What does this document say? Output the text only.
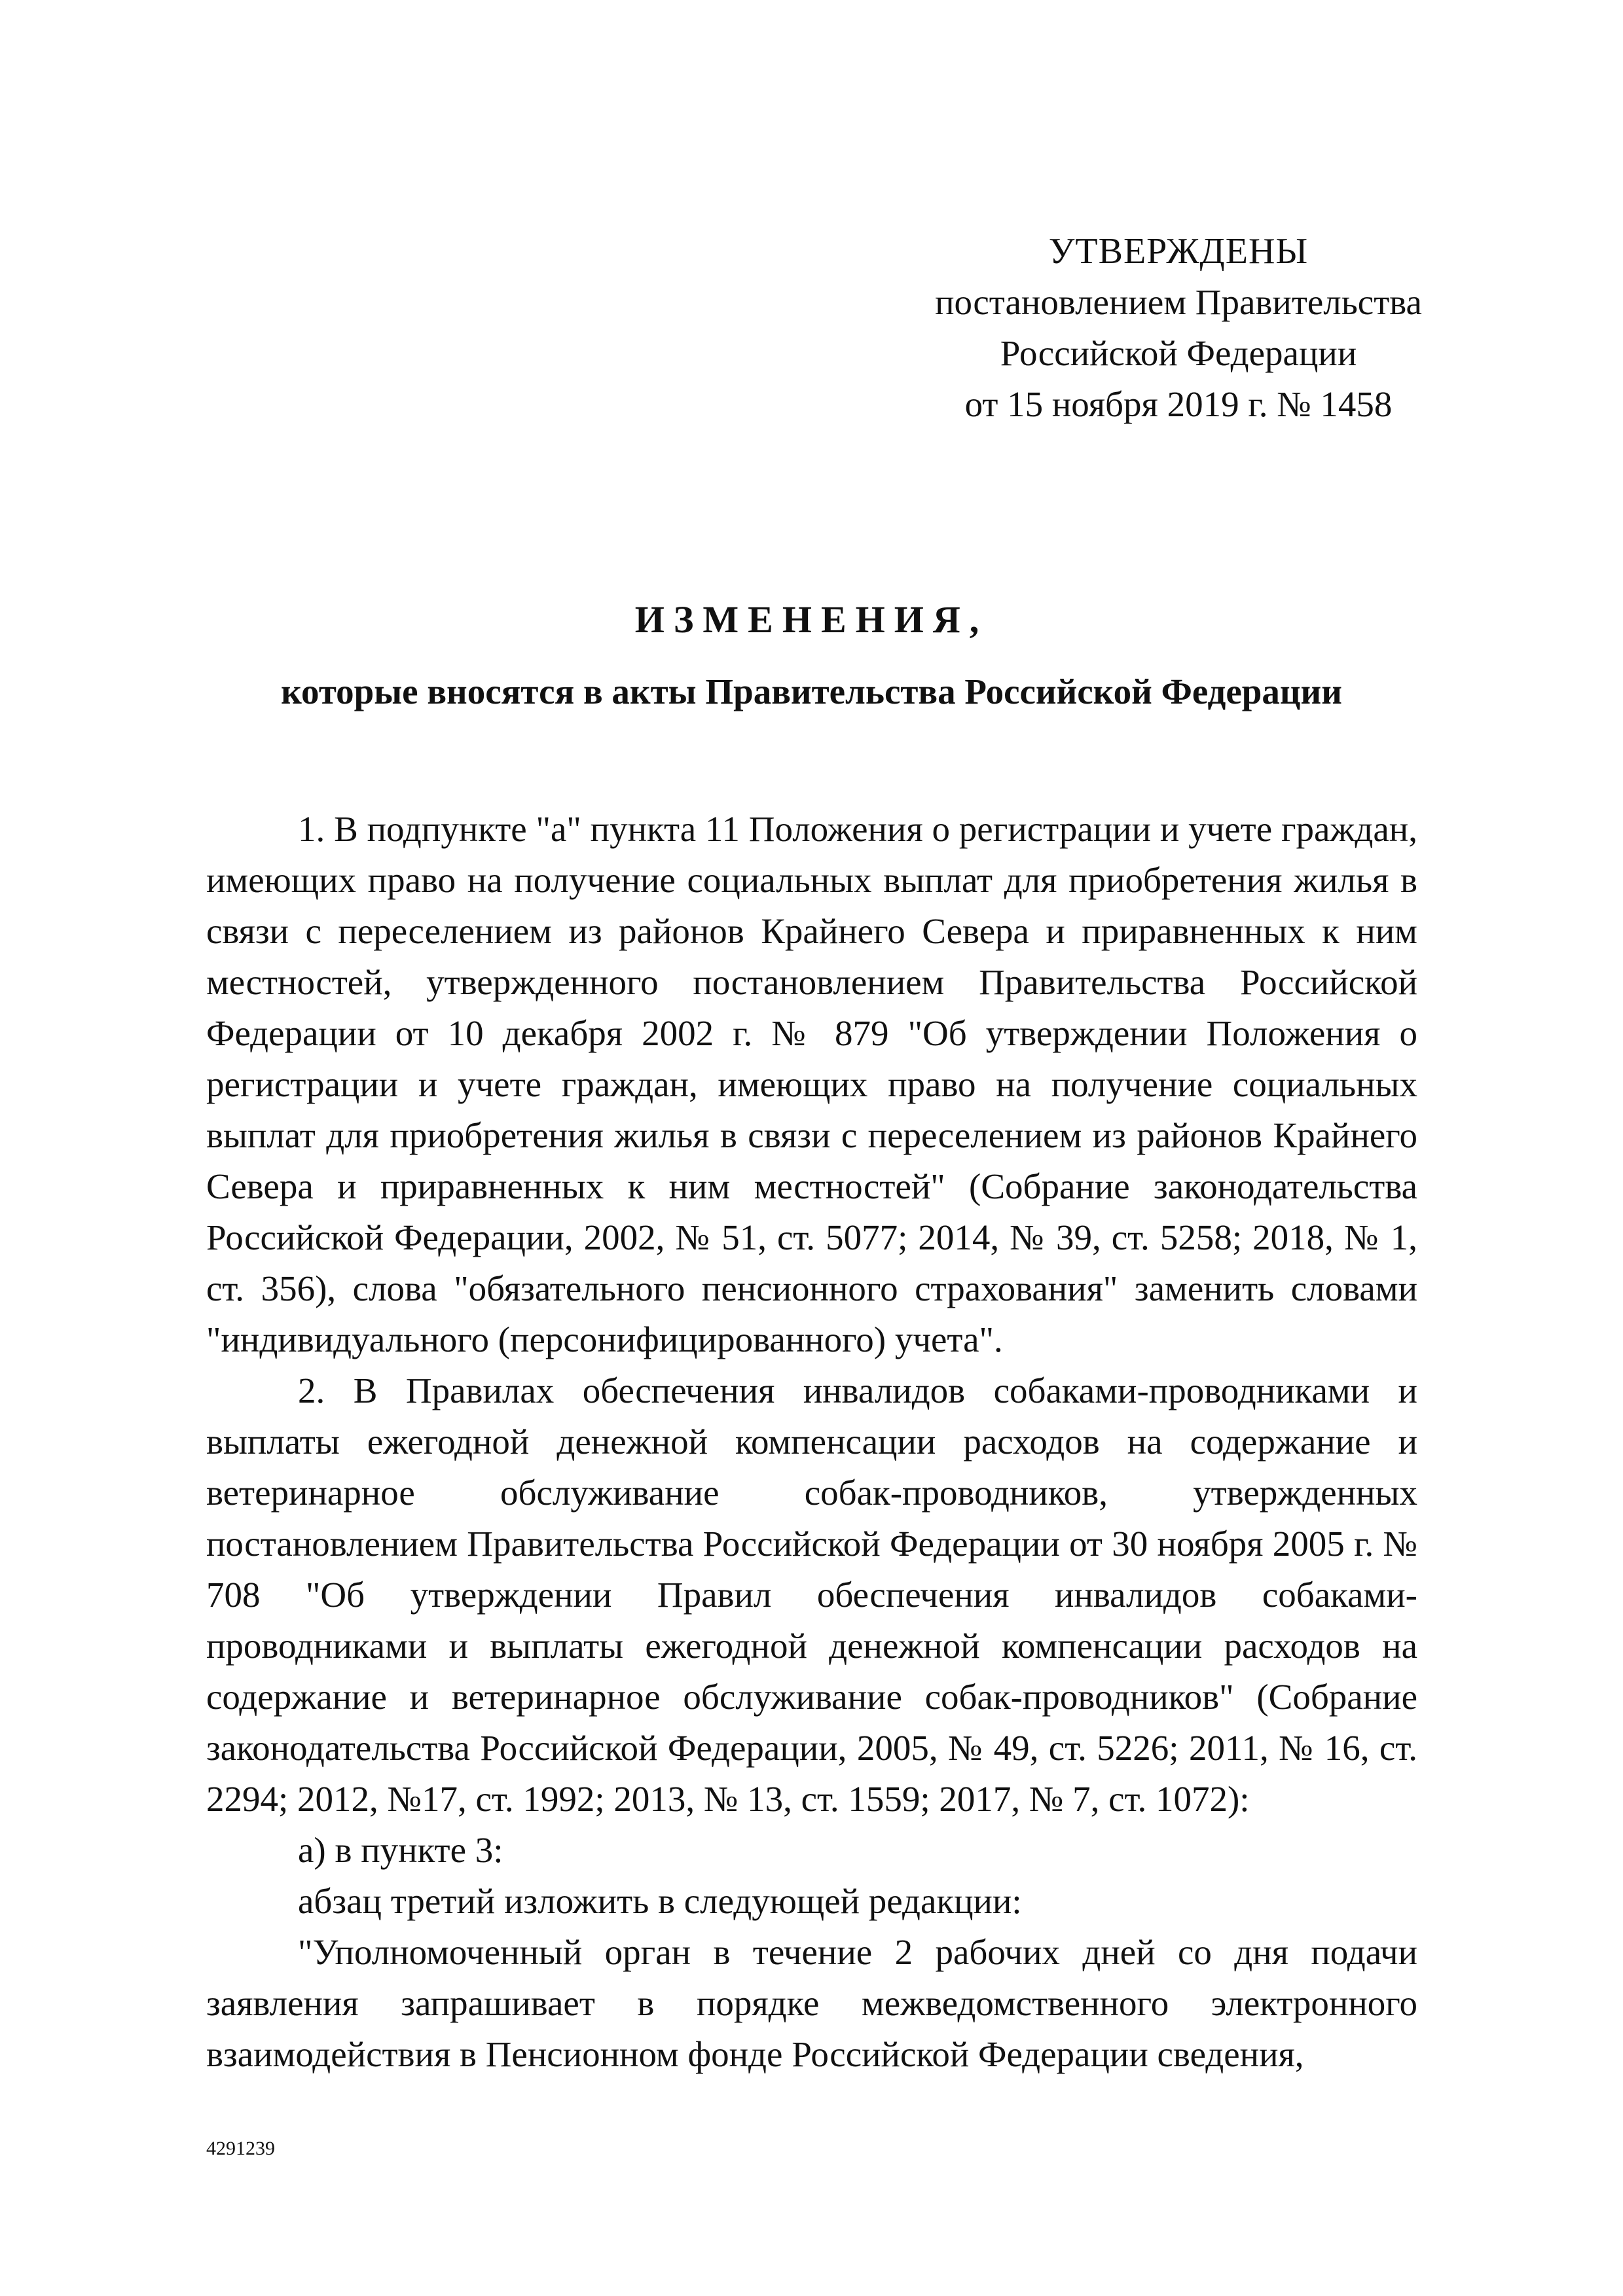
УТВЕРЖДЕНЫ
постановлением Правительства
Российской Федерации
от 15 ноября 2019 г. № 1458
ИЗМЕНЕНИЯ,
которые вносятся в акты Правительства Российской Федерации

1. В подпункте "а" пункта 11 Положения о регистрации и учете граждан, имеющих право на получение социальных выплат для приобретения жилья в связи с переселением из районов Крайнего Севера и приравненных к ним местностей, утвержденного постановлением Правительства Российской Федерации от 10 декабря 2002 г. № 879 "Об утверждении Положения о регистрации и учете граждан, имеющих право на получение социальных выплат для приобретения жилья в связи с переселением из районов Крайнего Севера и приравненных к ним местностей" (Собрание законодательства Российской Федерации, 2002, № 51, ст. 5077; 2014, № 39, ст. 5258; 2018, № 1, ст. 356), слова "обязательного пенсионного страхования" заменить словами "индивидуального (персонифицированного) учета".

2. В Правилах обеспечения инвалидов собаками-проводниками и выплаты ежегодной денежной компенсации расходов на содержание и ветеринарное обслуживание собак-проводников, утвержденных постановлением Правительства Российской Федерации от 30 ноября 2005 г. № 708 "Об утверждении Правил обеспечения инвалидов собаками-проводниками и выплаты ежегодной денежной компенсации расходов на содержание и ветеринарное обслуживание собак-проводников" (Собрание законодательства Российской Федерации, 2005, № 49, ст. 5226; 2011, № 16, ст. 2294; 2012, №17, ст. 1992; 2013, № 13, ст. 1559; 2017, № 7, ст. 1072):

а) в пункте 3:

абзац третий изложить в следующей редакции:

"Уполномоченный орган в течение 2 рабочих дней со дня подачи заявления запрашивает в порядке межведомственного электронного взаимодействия в Пенсионном фонде Российской Федерации сведения,

4291239
